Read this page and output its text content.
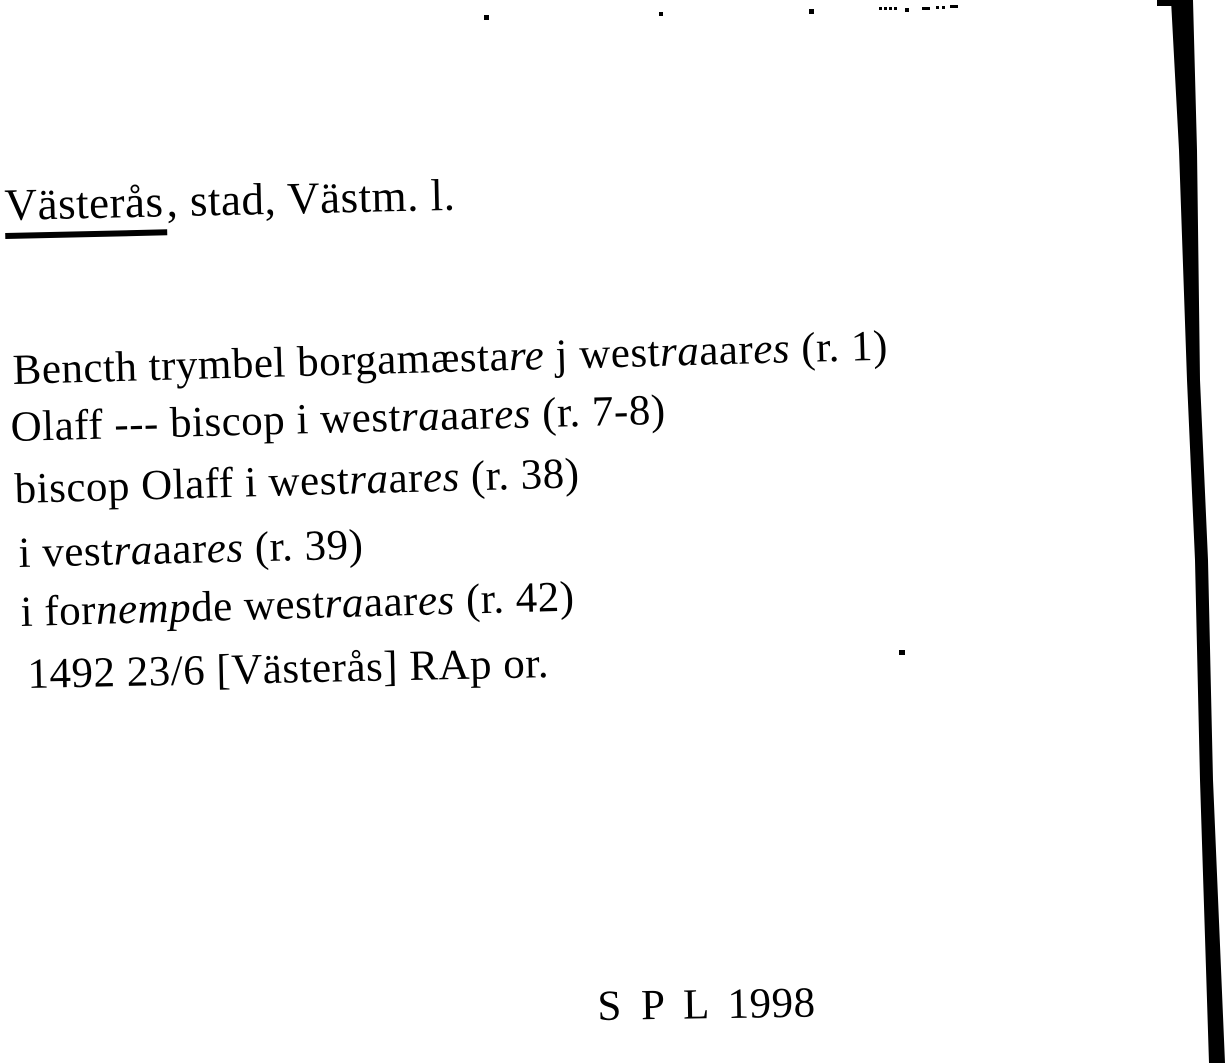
Västerås, stad, Västm. l.

Bencth trymbel borgamæstare j westraaares (r. 1)

Olaff --- biscop i westraaares (r. 7-8)

biscop Olaff i westraares (r. 38)

i vestraaares (r. 39)

i fornempde westraaares (r. 42)

1492 23/6 [Västerås] RAp or.

S P L 1998
